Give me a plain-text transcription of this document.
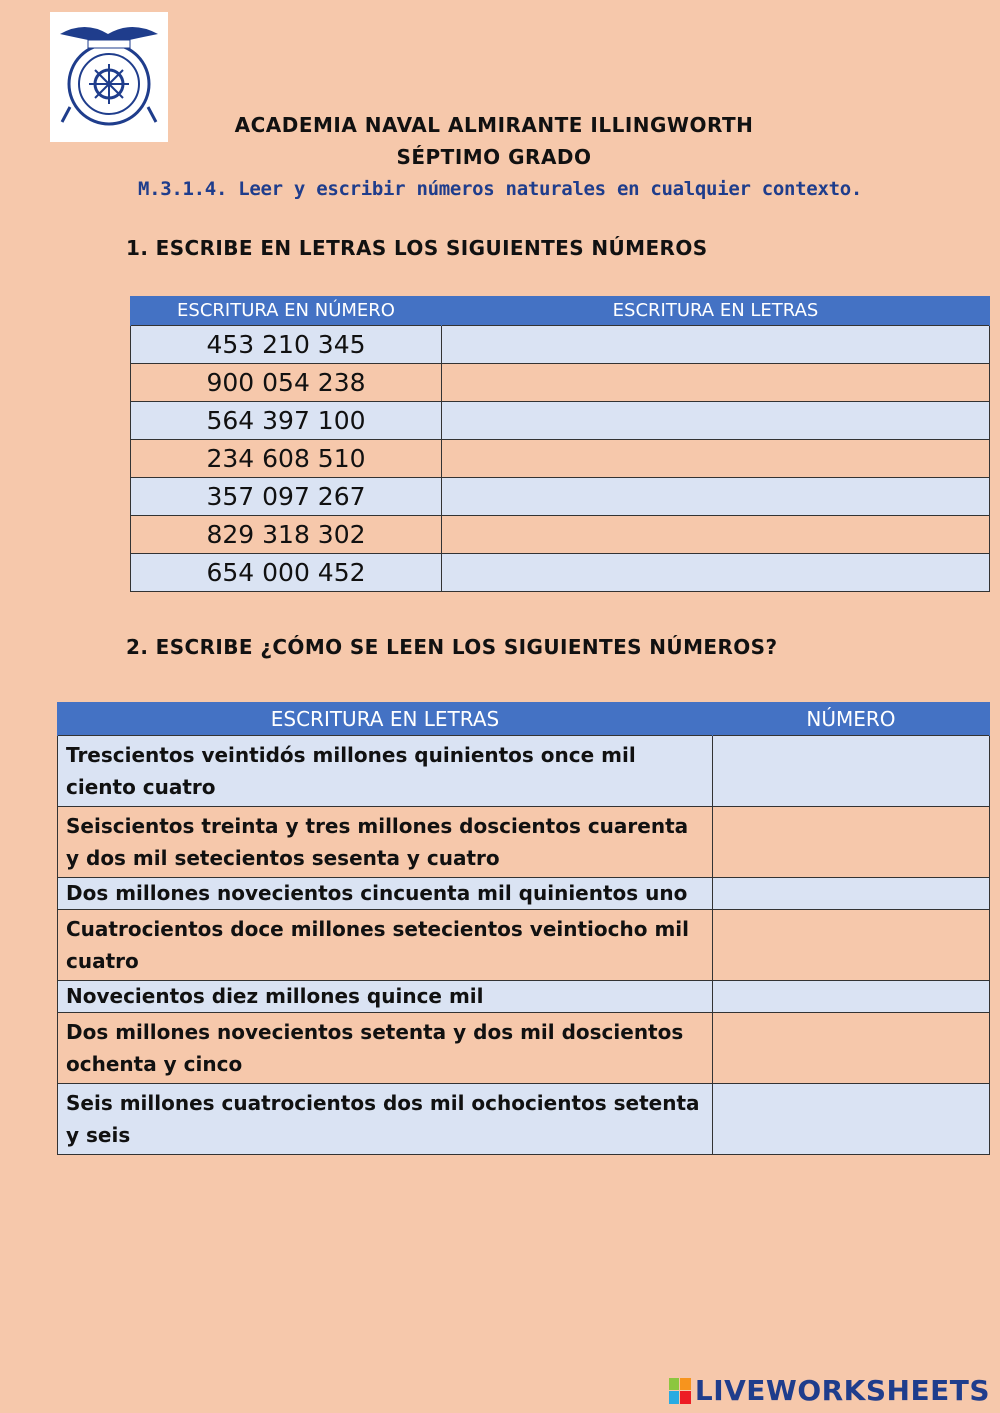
ACADEMIA NAVAL ALMIRANTE ILLINGWORTH
SÉPTIMO GRADO
M.3.1.4. Leer y escribir números naturales en cualquier contexto.
1. ESCRIBE EN LETRAS LOS SIGUIENTES NÚMEROS
ESCRITURA EN NÚMERO	ESCRITURA EN LETRAS
453 210 345	
900 054 238	
564 397 100	
234 608 510	
357 097 267	
829 318 302	
654 000 452	
2. ESCRIBE ¿CÓMO SE LEEN LOS SIGUIENTES NÚMEROS?
ESCRITURA EN LETRAS	NÚMERO
Trescientos veintidós millones quinientos once mil ciento cuatro	
Seiscientos treinta y tres millones doscientos cuarenta y dos mil setecientos sesenta y cuatro	
Dos millones novecientos cincuenta mil quinientos uno	
Cuatrocientos doce millones setecientos veintiocho mil cuatro	
Novecientos diez millones quince mil	
Dos millones novecientos setenta y dos mil doscientos ochenta y cinco	
Seis millones cuatrocientos dos mil ochocientos setenta y seis	
LIVEWORKSHEETS
